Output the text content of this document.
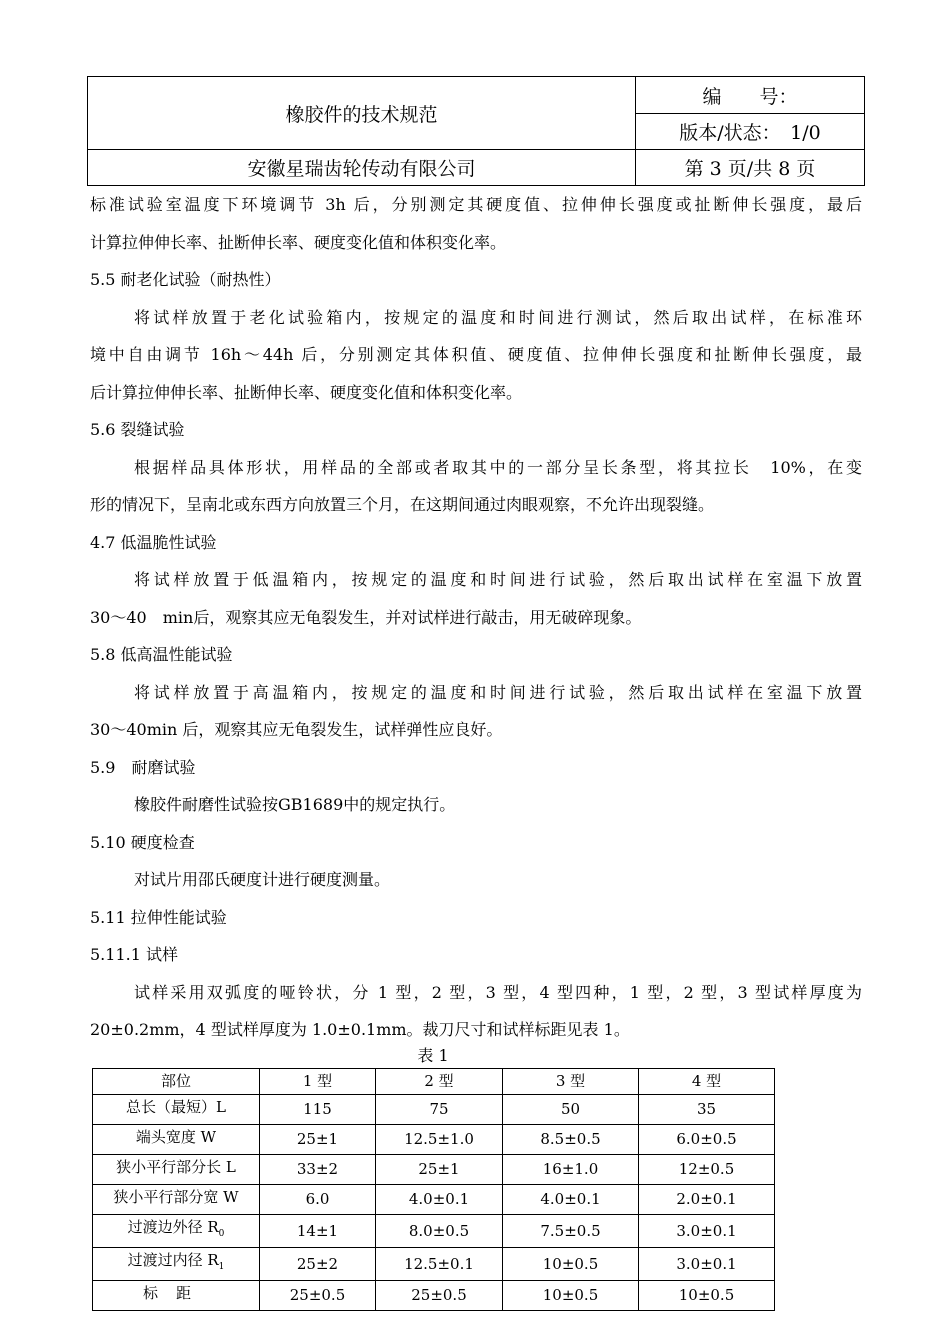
橡胶件的技术规范	编　　号：
	版本/状态：　1/0
安徽星瑞齿轮传动有限公司	第 3 页/共 8 页
标准试验室温度下环境调节 3h 后，分别测定其硬度值、拉伸伸长强度或扯断伸长强度，最后
计算拉伸伸长率、扯断伸长率、硬度变化值和体积变化率。
5.5 耐老化试验（耐热性）
将试样放置于老化试验箱内，按规定的温度和时间进行测试，然后取出试样，在标准环
境中自由调节 16h～44h 后，分别测定其体积值、硬度值、拉伸伸长强度和扯断伸长强度，最
后计算拉伸伸长率、扯断伸长率、硬度变化值和体积变化率。
5.6 裂缝试验
根据样品具体形状，用样品的全部或者取其中的一部分呈长条型，将其拉长　10%，在变
形的情况下，呈南北或东西方向放置三个月，在这期间通过肉眼观察，不允许出现裂缝。
4.7 低温脆性试验
将试样放置于低温箱内，按规定的温度和时间进行试验，然后取出试样在室温下放置
30～40　min后，观察其应无龟裂发生，并对试样进行敲击，用无破碎现象。
5.8 低高温性能试验
将试样放置于高温箱内，按规定的温度和时间进行试验，然后取出试样在室温下放置
30～40min 后，观察其应无龟裂发生，试样弹性应良好。
5.9　耐磨试验
橡胶件耐磨性试验按GB1689中的规定执行。
5.10 硬度检查
对试片用邵氏硬度计进行硬度测量。
5.11 拉伸性能试验
5.11.1 试样
试样采用双弧度的哑铃状，分 1 型，2 型，3 型，4 型四种，1 型，2 型，3 型试样厚度为
20±0.2mm，4 型试样厚度为 1.0±0.1mm。裁刀尺寸和试样标距见表 1。
表 1
部位	1 型	2 型	3 型	4 型
总长（最短）L	115	75	50	35
端头宽度 W	25±1	12.5±1.0	8.5±0.5	6.0±0.5
狭小平行部分长 L	33±2	25±1	16±1.0	12±0.5
狭小平行部分宽 W	6.0	4.0±0.1	4.0±0.1	2.0±0.1
过渡边外径 $R_0$	14±1	8.0±0.5	7.5±0.5	3.0±0.1
过渡过内径 $R_1$	25±2	12.5±0.1	10±0.5	3.0±0.1
标距	25±0.5	25±0.5	10±0.5	10±0.5
